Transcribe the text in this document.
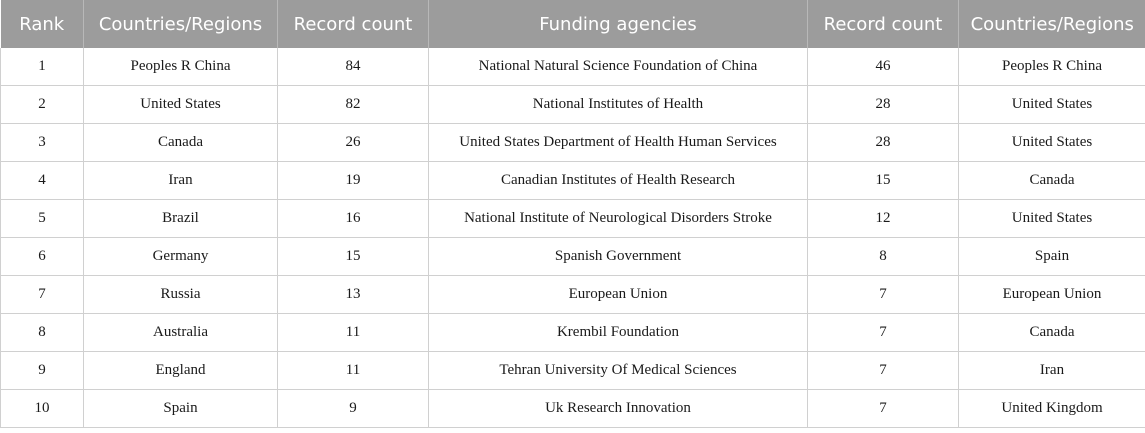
Rank	Countries/Regions	Record count	Funding agencies	Record count	Countries/Regions
1	Peoples R China	84	National Natural Science Foundation of China	46	Peoples R China
2	United States	82	National Institutes of Health	28	United States
3	Canada	26	United States Department of Health Human Services	28	United States
4	Iran	19	Canadian Institutes of Health Research	15	Canada
5	Brazil	16	National Institute of Neurological Disorders Stroke	12	United States
6	Germany	15	Spanish Government	8	Spain
7	Russia	13	European Union	7	European Union
8	Australia	11	Krembil Foundation	7	Canada
9	England	11	Tehran University Of Medical Sciences	7	Iran
10	Spain	9	Uk Research Innovation	7	United Kingdom
